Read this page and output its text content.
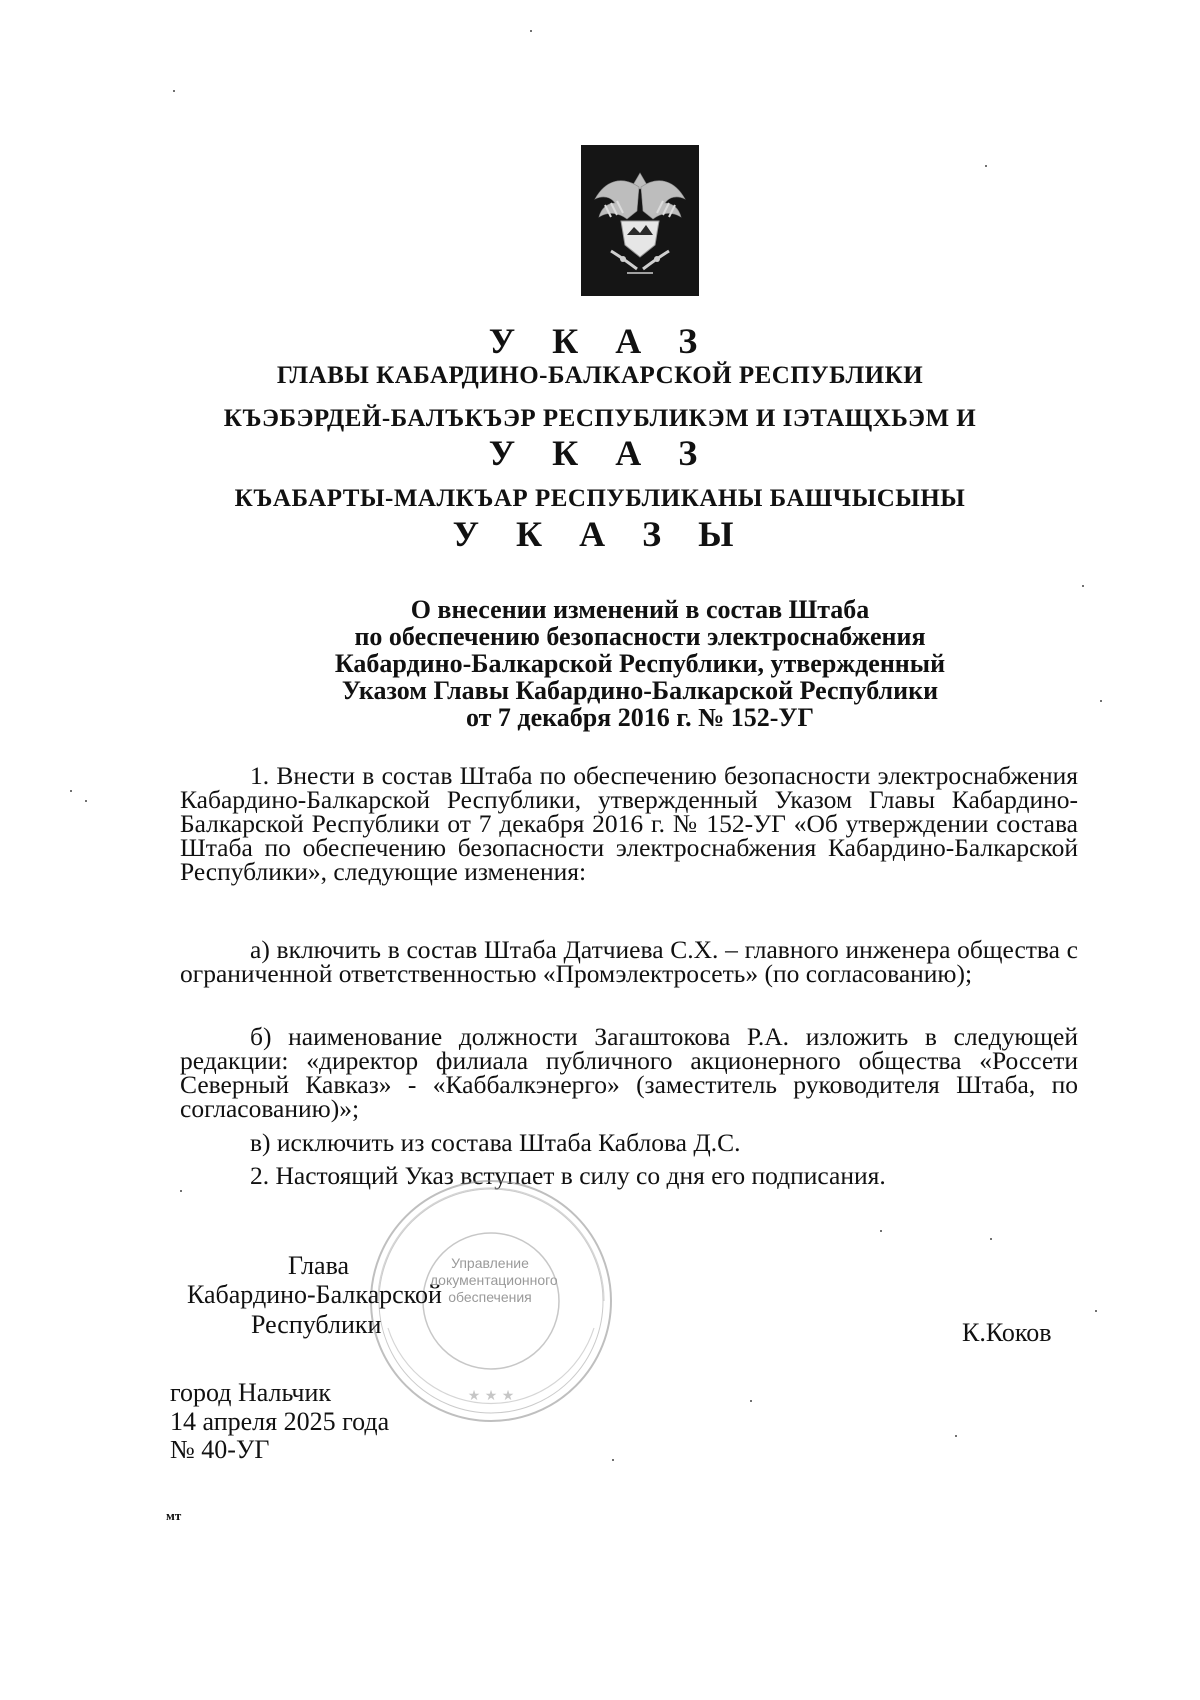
У К А З
ГЛАВЫ КАБАРДИНО-БАЛКАРСКОЙ РЕСПУБЛИКИ
КЪЭБЭРДЕЙ-БАЛЪКЪЭР РЕСПУБЛИКЭМ И ІЭТАЩХЬЭМ И
У К А З
КЪАБАРТЫ-МАЛКЪАР РЕСПУБЛИКАНЫ БАШЧЫСЫНЫ
У К А З Ы
О внесении изменений в состав Штаба
по обеспечению безопасности электроснабжения
Кабардино-Балкарской Республики, утвержденный
Указом Главы Кабардино-Балкарской Республики
от 7 декабря 2016 г. № 152-УГ
1. Внести в состав Штаба по обеспечению безопасности электроснабжения Кабардино-Балкарской Республики, утвержденный Указом Главы Кабардино-Балкарской Республики от 7 декабря 2016 г. № 152-УГ «Об утверждении состава Штаба по обеспечению безопасности электроснабжения Кабардино-Балкарской Республики», следующие изменения:
а) включить в состав Штаба Датчиева С.Х. – главного инженера общества с ограниченной ответственностью «Промэлектросеть» (по согласованию);
б) наименование должности Загаштокова Р.А. изложить в следующей редакции: «директор филиала публичного акционерного общества «Россети Северный Кавказ» - «Каббалкэнерго» (заместитель руководителя Штаба, по согласованию)»;
в) исключить из состава Штаба Каблова Д.С.
2. Настоящий Указ вступает в силу со дня его подписания.
★ ★ ★
Управление документационного обеспечения
Глава
Кабардино-Балкарской
Республики	К.Коков
город Нальчик
14 апреля 2025 года
№ 40-УГ
мт
